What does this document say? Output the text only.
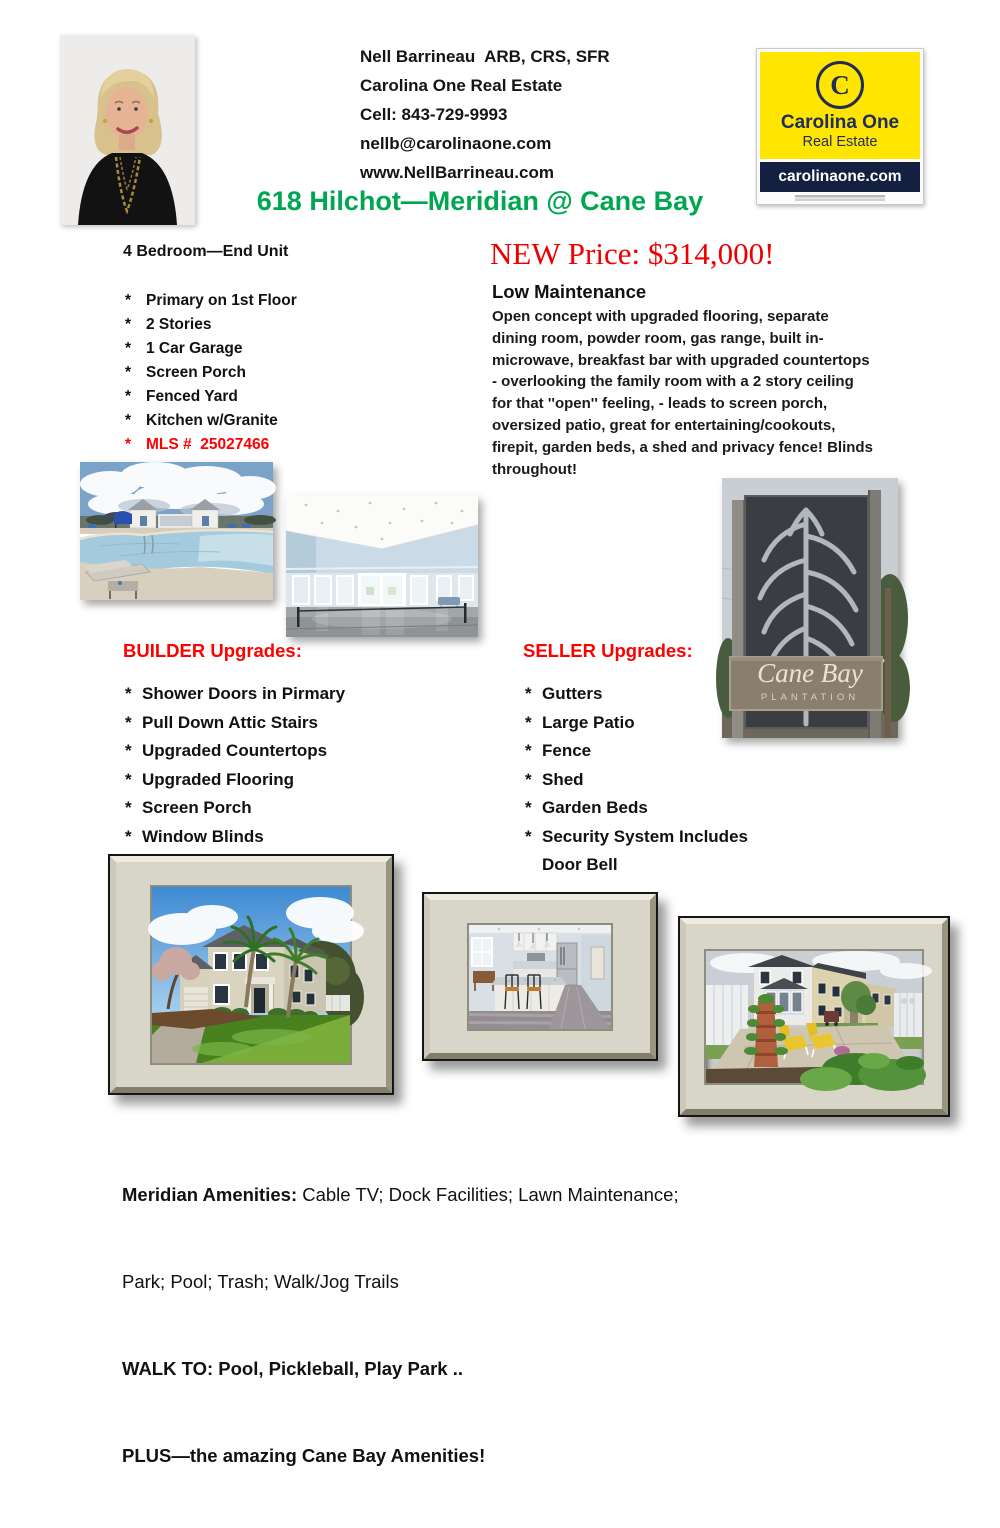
Nell Barrineau  ARB, CRS, SFR
Carolina One Real Estate
Cell: 843-729-9993
nellb@carolinaone.com
www.NellBarrineau.com
C
Carolina One
Real Estate
carolinaone.com
618 Hilchot—Meridian @ Cane Bay
4 Bedroom—End Unit
* Primary on 1st Floor
* 2 Stories
* 1 Car Garage
* Screen Porch
* Fenced Yard
* Kitchen w/Granite
* MLS #  25027466
NEW Price: $314,000!
Low Maintenance
Open concept with upgraded flooring, separate dining room, powder room, gas range, built in-microwave, breakfast bar with upgraded countertops - overlooking the family room with a 2 story ceiling for that ''open'' feeling, - leads to screen porch, oversized patio, great for entertaining/cookouts, firepit, garden beds, a shed and privacy fence! Blinds throughout!
Cane Bay
PLANTATION
BUILDER Upgrades:
* Shower Doors in Pirmary
* Pull Down Attic Stairs
* Upgraded Countertops
* Upgraded Flooring
* Screen Porch
* Window Blinds
SELLER Upgrades:
* Gutters
* Large Patio
* Fence
* Shed
* Garden Beds
* Security System Includes
Door Bell

Meridian Amenities: Cable TV; Dock Facilities; Lawn Maintenance;

Park; Pool; Trash; Walk/Jog Trails

WALK TO: Pool, Pickleball, Play Park ..

PLUS—the amazing Cane Bay Amenities!
